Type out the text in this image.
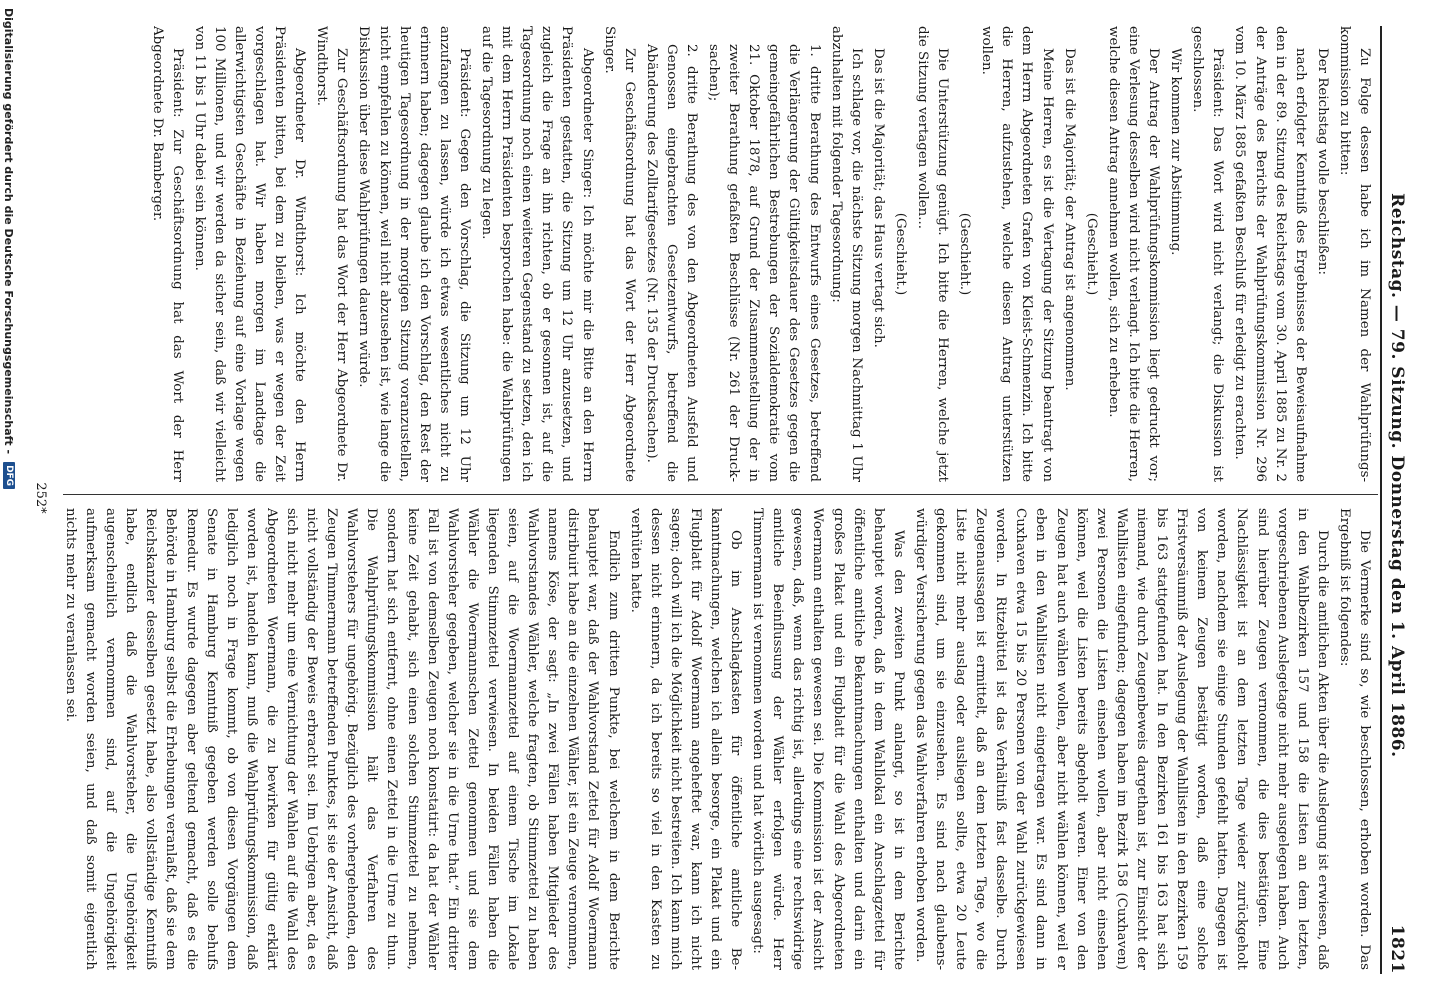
Digitalisierung gefördert durch die Deutsche Forschungsgemeinschaft -
DFG	Reichstag. — 79. Sitzung. Donnerstag den 1. April 1886.
1821

Zu Folge dessen habe ich im Namen der Wahlprüfungskommission zu bitten:

Der Reichstag wolle beschließen:

nach erfolgter Kenntniß des Ergebnisses der Beweisaufnahme den in der 89. Sitzung des Reichstags vom 30. April 1885 zu Nr. 2 der Anträge des Berichts der Wahlprüfungskommission Nr. 296 vom 10. März 1885 gefaßten Beschluß für erledigt zu erachten.

Präsident: Das Wort wird nicht verlangt; die Diskussion ist geschlossen.

Wir kommen zur Abstimmung.

Der Antrag der Wahlprüfungskommission liegt gedruckt vor; eine Verlesung desselben wird nicht verlangt. Ich bitte die Herren, welche diesen Antrag annehmen wollen, sich zu erheben.

(Geschieht.)

Das ist die Majorität; der Antrag ist angenommen.

Meine Herren, es ist die Vertagung der Sitzung beantragt von dem Herrn Abgeordneten Grafen von Kleist-Schmenzin. Ich bitte die Herren, aufzustehen, welche diesen Antrag unterstützen wollen.

(Geschieht.)

Die Unterstützung genügt. Ich bitte die Herren, welche jetzt die Sitzung vertagen wollen...

(Geschieht.)

Das ist die Majorität; das Haus vertagt sich.

Ich schlage vor, die nächste Sitzung morgen Nachmittag 1 Uhr abzuhalten mit folgender Tagesordnung:

1.dritte Berathung des Entwurfs eines Gesetzes, betreffend die Verlängerung der Gültigkeitsdauer des Gesetzes gegen die gemeingefährlichen Bestrebungen der Sozialdemokratie vom 21. Oktober 1878, auf Grund der Zusammenstellung der in zweiter Berathung gefaßten Beschlüsse (Nr. 261 der Drucksachen);

2.dritte Berathung des von den Abgeordneten Ausfeld und Genossen eingebrachten Gesetzentwurfs, betreffend die Abänderung des Zolltarifgesetzes (Nr. 135 der Drucksachen).

Zur Geschäftsordnung hat das Wort der Herr Abgeordnete Singer.

Abgeordneter Singer: Ich möchte mir die Bitte an den Herrn Präsidenten gestatten, die Sitzung um 12 Uhr anzusetzen, und zugleich die Frage an ihn richten, ob er gesonnen ist, auf die Tagesordnung noch einen weiteren Gegenstand zu setzen, den ich mit dem Herrn Präsidenten besprochen habe: die Wahlprüfungen auf die Tagesordnung zu legen.

Präsident: Gegen den Vorschlag, die Sitzung um 12 Uhr anzufangen zu lassen, würde ich etwas wesentliches nicht zu erinnern haben; dagegen glaube ich den Vorschlag, den Rest der heutigen Tagesordnung in der morgigen Sitzung voranzustellen, nicht empfehlen zu können, weil nicht abzusehen ist, wie lange die Diskussion über diese Wahlprüfungen dauern würde.

Zur Geschäftsordnung hat das Wort der Herr Abgeordnete Dr. Windthorst.

Abgeordneter Dr. Windthorst: Ich möchte den Herrn Präsidenten bitten, bei dem zu bleiben, was er wegen der Zeit vorgeschlagen hat. Wir haben morgen im Landtage die allerwichtigsten Geschäfte in Beziehung auf eine Vorlage wegen 100 Millionen, und wir werden da sicher sein, daß wir vielleicht von 11 bis 1 Uhr dabei sein können.

Präsident: Zur Geschäftsordnung hat das Wort der Herr Abgeordnete Dr. Bamberger.

Die Vermerke sind so, wie beschlossen, erhoben worden. Das Ergebniß ist folgendes:

Durch die amtlichen Akten über die Auslegung ist erwiesen, daß in den Wahlbezirken 157 und 158 die Listen an dem letzten, vorgeschriebenen Auslegetage nicht mehr ausgelegen haben. Auch sind hierüber Zeugen vernommen, die dies bestätigen. Eine Nachlässigkeit ist an dem letzten Tage wieder zurückgeholt worden, nachdem sie einige Stunden gefehlt hatten. Dagegen ist von keinem Zeugen bestätigt worden, daß eine solche Fristversäumniß der Auslegung der Wahllisten in den Bezirken 159 bis 163 stattgefunden hat. In den Bezirken 161 bis 163 hat sich niemand, wie durch Zeugenbeweis dargethan ist, zur Einsicht der Wahllisten eingefunden; dagegen haben im Bezirk 158 (Cuxhaven) zwei Personen die Listen einsehen wollen, aber nicht einsehen können, weil die Listen bereits abgeholt waren. Einer von den Zeugen hat auch wählen wollen, aber nicht wählen können, weil er eben in den Wahllisten nicht eingetragen war. Es sind dann in Cuxhaven etwa 15 bis 20 Personen von der Wahl zurückgewiesen worden. In Ritzebüttel ist das Verhältniß fast dasselbe. Durch Zeugenaussagen ist ermittelt, daß an dem letzten Tage, wo die Liste nicht mehr auslag oder ausliegen sollte, etwa 20 Leute gekommen sind, um sie einzusehen. Es sind nach glaubenswürdiger Versicherung gegen das Wahlverfahren erhoben worden.

Was den zweiten Punkt anlangt, so ist in dem Berichte behauptet worden, daß in dem Wahllokal ein Anschlagzettel für öffentliche amtliche Bekanntmachungen enthalten und darin ein großes Plakat und ein Flugblatt für die Wahl des Abgeordneten Woermann enthalten gewesen sei. Die Kommission ist der Ansicht gewesen, daß, wenn das richtig ist, allerdings eine rechtswidrige amtliche Beeinflussung der Wähler erfolgen würde. Herr Timmermann ist vernommen worden und hat wörtlich ausgesagt:

Ob im Anschlagkasten für öffentliche amtliche Bekanntmachungen, welchen ich allein besorge, ein Plakat und ein Flugblatt für Adolf Woermann angeheftet war, kann ich nicht sagen; doch will ich die Möglichkeit nicht bestreiten. Ich kann mich dessen nicht erinnern, da ich bereits so viel in den Kasten zu verhüten hatte.

Endlich zum dritten Punkte, bei welchem in dem Berichte behauptet war, daß der Wahlvorstand Zettel für Adolf Woermann distribuirt habe an die einzelnen Wähler, ist ein Zeuge vernommen, namens Köse, der sagt: „In zwei Fällen haben Mitglieder des Wahlvorstandes Wähler, welche fragten, ob Stimmzettel zu haben seien, auf die Woermannzettel auf einem Tische im Lokale liegenden Stimmzettel verwiesen. In beiden Fällen haben die Wähler die Woermannschen Zettel genommen und sie dem Wahlvorsteher gegeben, welcher sie in die Urne that.“ Ein dritter Fall ist von demselben Zeugen noch konstatirt: da hat der Wähler keine Zeit gehabt, sich einen solchen Stimmzettel zu nehmen, sondern hat sich entfernt, ohne einen Zettel in die Urne zu thun. Die Wahlprüfungskommission hält das Verfahren des Wahlvorstehers für ungehörig. Bezüglich des vorhergehenden, den Zeugen Timmermann betreffenden Punktes, ist sie der Ansicht, daß nicht vollständig der Beweis erbracht sei. Im Uebrigen aber, da es sich nicht mehr um eine Vernichtung der Wahlen auf die Wahl des Abgeordneten Woermann, die zu bewirken für gültig erklärt worden ist, handeln kann, muß die Wahlprüfungskommission, daß lediglich noch in Frage kommt, ob von diesen Vorgängen dem Senate in Hamburg Kenntniß gegeben werden solle behufs Remedur. Es wurde dagegen aber geltend gemacht, daß es die Behörde in Hamburg selbst die Erhebungen veranlaßt, daß sie dem Reichskanzler desselben gesetzt habe, also vollständige Kenntniß habe, endlich daß die Wahlvorsteher, die Ungehörigkeit augenscheinlich vernommen sind, auf die Ungehörigkeit aufmerksam gemacht worden seien, und daß somit eigentlich nichts mehr zu veranlassen sei.

252*
